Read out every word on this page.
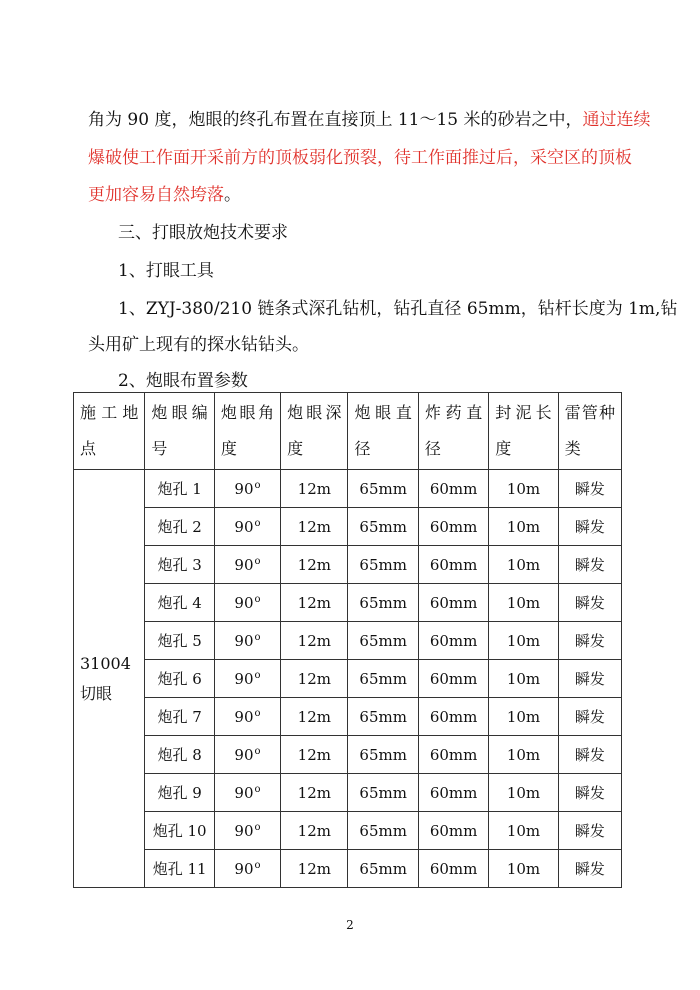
角为 90 度，炮眼的终孔布置在直接顶上 11～15 米的砂岩之中，通过连续
爆破使工作面开采前方的顶板弱化预裂，待工作面推过后，采空区的顶板
更加容易自然垮落。
三、打眼放炮技术要求
1、打眼工具
1、ZYJ-380/210 链条式深孔钻机，钻孔直径 65mm，钻杆长度为 1m,钻
头用矿上现有的探水钻钻头。
2、炮眼布置参数
施工地点	炮眼编号	炮眼角度	炮眼深度	炮眼直径	炸药直径	封泥长度	雷管种类

31004
切眼	炮孔 1	90$^o$	12m	65mm	60mm	10m	瞬发
	炮孔 2	90$^o$	12m	65mm	60mm	10m	瞬发
	炮孔 3	90$^o$	12m	65mm	60mm	10m	瞬发
	炮孔 4	90$^o$	12m	65mm	60mm	10m	瞬发
	炮孔 5	90$^o$	12m	65mm	60mm	10m	瞬发
	炮孔 6	90$^o$	12m	65mm	60mm	10m	瞬发
	炮孔 7	90$^o$	12m	65mm	60mm	10m	瞬发
	炮孔 8	90$^o$	12m	65mm	60mm	10m	瞬发
	炮孔 9	90$^o$	12m	65mm	60mm	10m	瞬发
	炮孔 10	90$^o$	12m	65mm	60mm	10m	瞬发
	炮孔 11	90$^o$	12m	65mm	60mm	10m	瞬发
2
